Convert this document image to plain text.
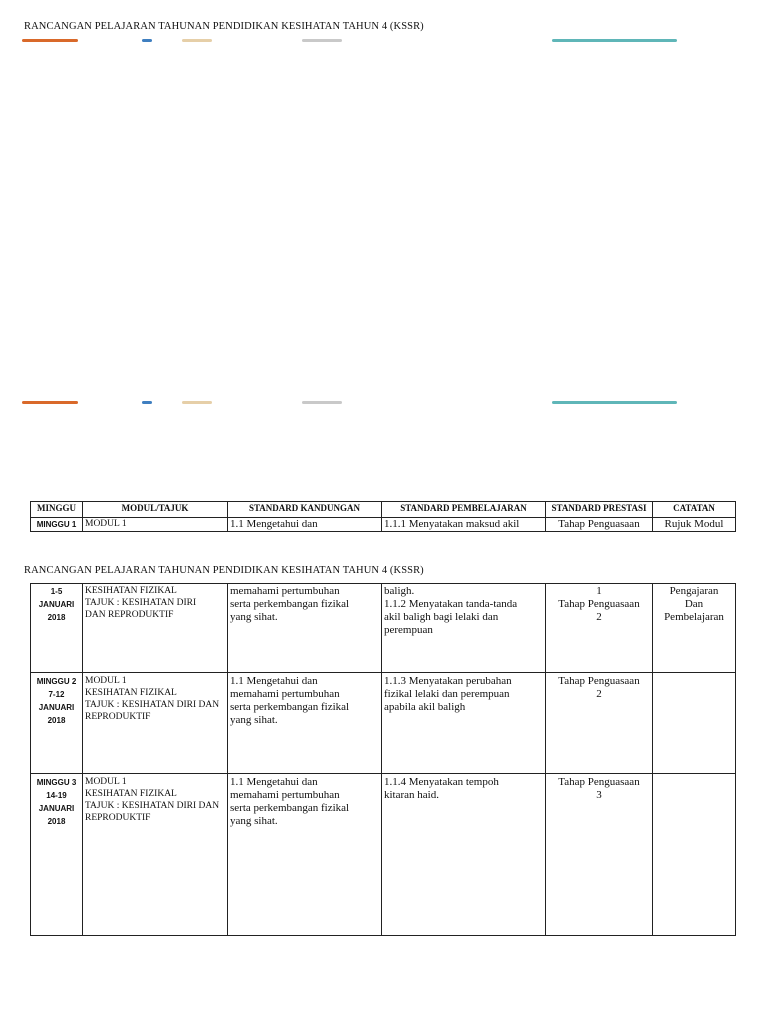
RANCANGAN PELAJARAN TAHUNAN PENDIDIKAN KESIHATAN TAHUN 4 (KSSR)
MINGGU	MODUL/TAJUK	STANDARD KANDUNGAN	STANDARD PEMBELAJARAN	STANDARD PRESTASI	CATATAN
MINGGU 1	MODUL 1	1.1 Mengetahui dan	1.1.1 Menyatakan maksud akil	Tahap Penguasaan	Rujuk Modul
RANCANGAN PELAJARAN TAHUNAN PENDIDIKAN KESIHATAN TAHUN 4 (KSSR)
1-5
JANUARI
2018	KESIHATAN FIZIKAL
TAJUK : KESIHATAN DIRI
DAN REPRODUKTIF	memahami pertumbuhan
serta perkembangan fizikal
yang sihat.	baligh.
1.1.2 Menyatakan tanda-tanda
akil baligh bagi lelaki dan
perempuan	1
Tahap Penguasaan
2	Pengajaran
Dan
Pembelajaran

MINGGU 2
7-12
JANUARI
2018	MODUL 1
KESIHATAN FIZIKAL
TAJUK : KESIHATAN DIRI DAN
REPRODUKTIF	1.1 Mengetahui dan
memahami pertumbuhan
serta perkembangan fizikal
yang sihat.	1.1.3 Menyatakan perubahan
fizikal lelaki dan perempuan
apabila akil baligh	Tahap Penguasaan
2	

MINGGU 3
14-19
JANUARI
2018	MODUL 1
KESIHATAN FIZIKAL
TAJUK : KESIHATAN DIRI DAN
REPRODUKTIF	1.1 Mengetahui dan
memahami pertumbuhan
serta perkembangan fizikal
yang sihat.	1.1.4 Menyatakan tempoh
kitaran haid.	Tahap Penguasaan
3	
